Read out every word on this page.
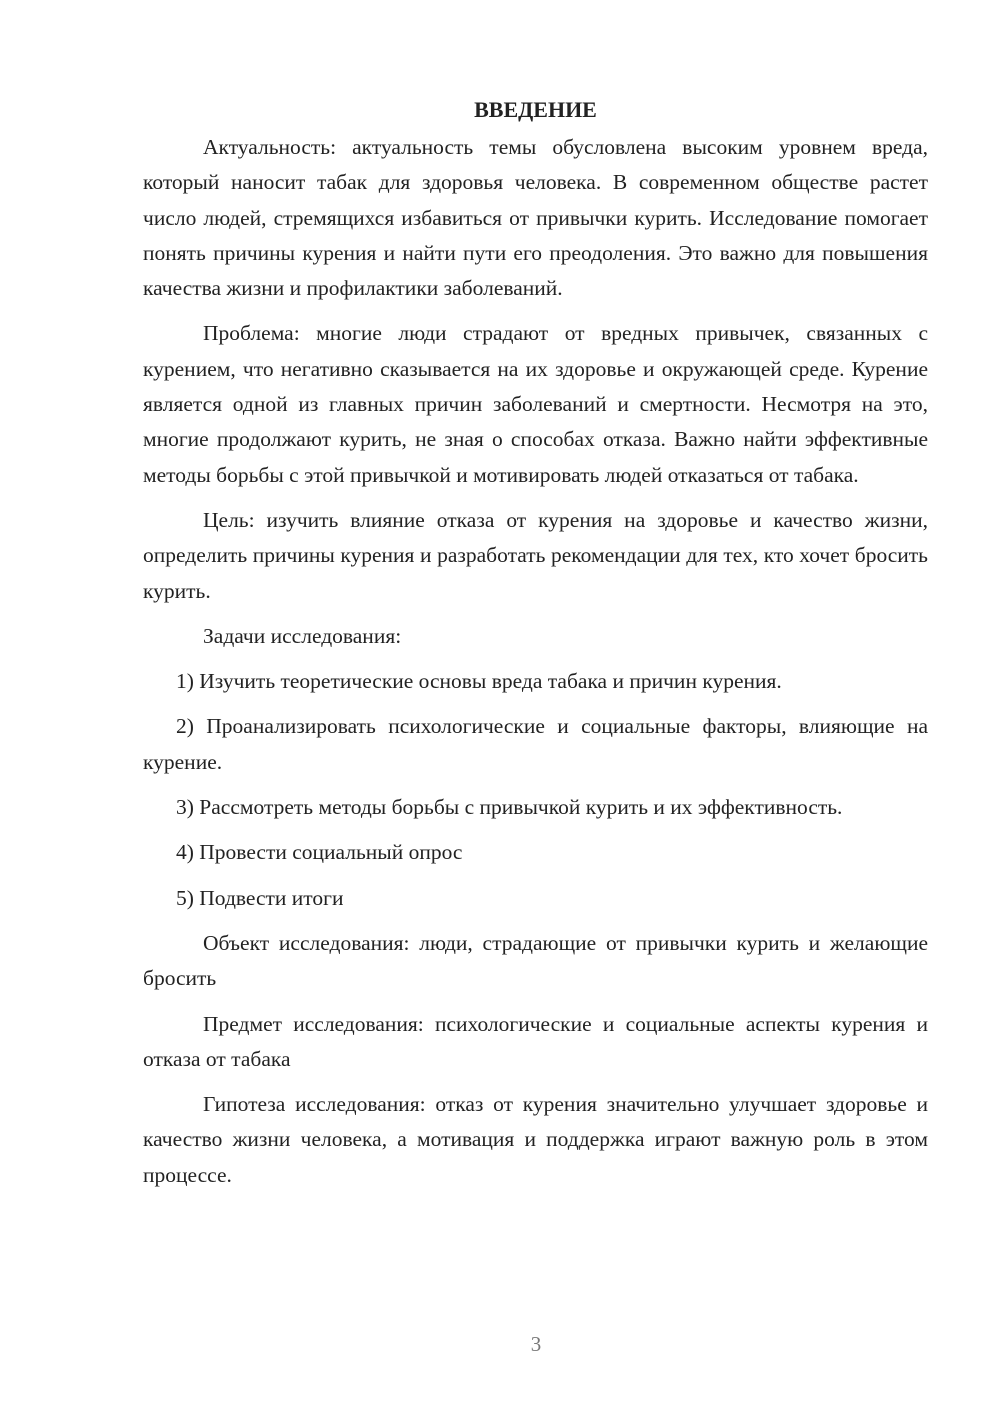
ВВЕДЕНИЕ

Актуальность: актуальность темы обусловлена высоким уровнем вреда, который наносит табак для здоровья человека. В современном обществе растет число людей, стремящихся избавиться от привычки курить. Исследование помогает понять причины курения и найти пути его преодоления. Это важно для повышения качества жизни и профилактики заболеваний.

Проблема: многие люди страдают от вредных привычек, связанных с курением, что негативно сказывается на их здоровье и окружающей среде. Курение является одной из главных причин заболеваний и смертности. Несмотря на это, многие продолжают курить, не зная о способах отказа. Важно найти эффективные методы борьбы с этой привычкой и мотивировать людей отказаться от табака.

Цель: изучить влияние отказа от курения на здоровье и качество жизни, определить причины курения и разработать рекомендации для тех, кто хочет бросить курить.

Задачи исследования:

1) Изучить теоретические основы вреда табака и причин курения.

2) Проанализировать психологические и социальные факторы, влияющие на курение.

3) Рассмотреть методы борьбы с привычкой курить и их эффективность.

4) Провести социальный опрос

5) Подвести итоги

Объект исследования: люди, страдающие от привычки курить и желающие бросить

Предмет исследования: психологические и социальные аспекты курения и отказа от табака

Гипотеза исследования: отказ от курения значительно улучшает здоровье и качество жизни человека, а мотивация и поддержка играют важную роль в этом процессе.

3
